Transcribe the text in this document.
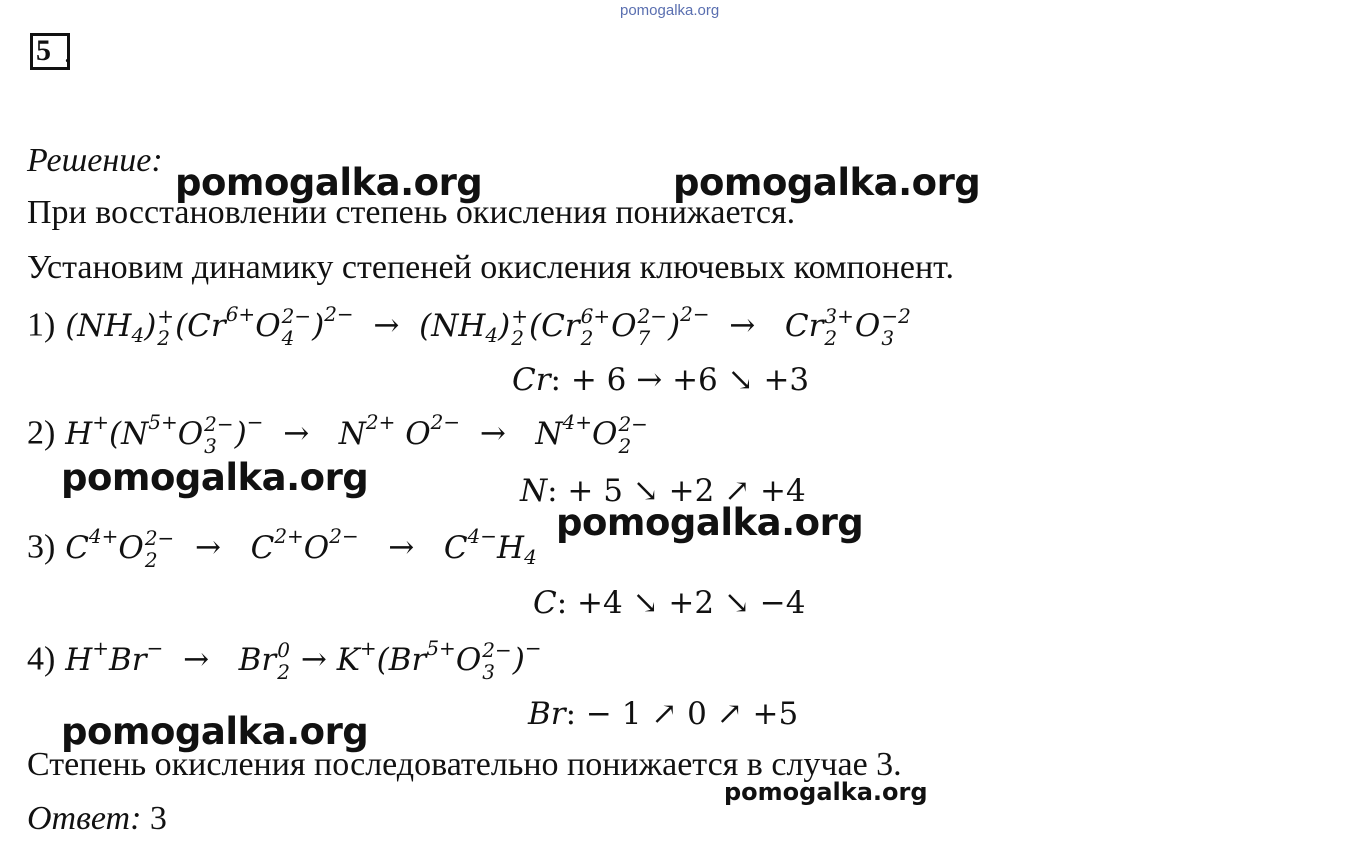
pomogalka.org
5 .
Решение:
При восстановлении степень окисления понижается.
Установим динамику степеней окисления ключевых компонент.
1) $(NH_4)$ +
2 ($Cr^{6+}O$ 2−
4 )$^{2-} \to (NH_4)$ +
2 (Cr 6+
2 O 2−
7 )$^{2-}$  →   Cr 3+
2 O −2
3
Cr: + 6 → +6 ↘ +3
2) $H^+(N^{5+}O$ 2−
3 )$^- \to N^{2+}$ $O^{2-} \to N^{4+}O$ 2−
2
N: + 5 ↘ +2 ↗ +4
3) $C^{4+}O$ 2−
$2 \to C^{2+}O^{2-} \to C^{4-}H_4$
C: +4 ↘ +2 ↘ −4
4) H+Br−  →   Br 0
$2 \to K^+(Br^{5+}O$ 2−
3 )−
Br: − 1 ↗ 0 ↗ +5
Степень окисления последовательно понижается в случае 3.
Ответ: 3
pomogalka.org	pomogalka.org
pomogalka.org
pomogalka.org
pomogalka.org
pomogalka.org
